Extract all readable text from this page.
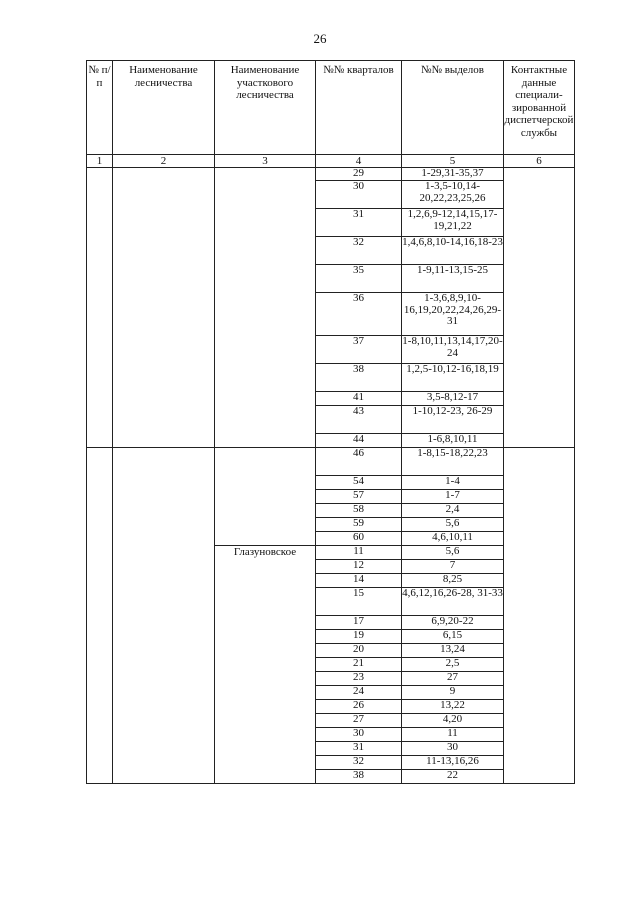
26
№ п/п	Наименование лесничества	Наименование участкового лесничества	№№ кварталов	№№ выделов	Контактные данные специали-зированной диспетчерской службы
1	2	3	4	5	6
			29	1-29,31-35,37	
			30	1-3,5-10,14-20,22,23,25,26	
			31	1,2,6,9-12,14,15,17-19,21,22	
			32	1,4,6,8,10-14,16,18-23	
			35	1-9,11-13,15-25	
			36	1-3,6,8,9,10-16,19,20,22,24,26,29-31	
			37	1-8,10,11,13,14,17,20-24	
			38	1,2,5-10,12-16,18,19	
			41	3,5-8,12-17	
			43	1-10,12-23, 26-29	
			44	1-6,8,10,11	
			46	1-8,15-18,22,23	
			54	1-4	
			57	1-7	
			58	2,4	
			59	5,6	
			60	4,6,10,11	
		Глазуновское	11	5,6	
			12	7	
			14	8,25	
			15	4,6,12,16,26-28, 31-33	
			17	6,9,20-22	
			19	6,15	
			20	13,24	
			21	2,5	
			23	27	
			24	9	
			26	13,22	
			27	4,20	
			30	11	
			31	30	
			32	11-13,16,26	
			38	22	
